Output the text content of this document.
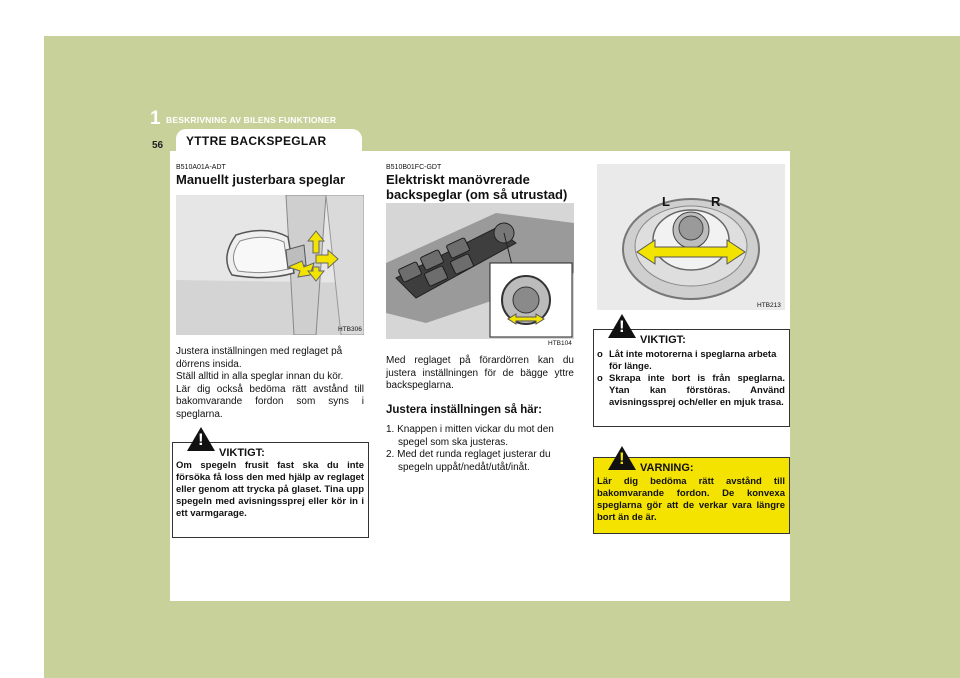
1 BESKRIVNING AV BILENS FUNKTIONER
56 YTTRE BACKSPEGLAR
B510A01A-ADT
Manuellt justerbara speglar
HTB306
Justera inställningen med reglaget på dörrens insida.
Ställ alltid in alla speglar innan du kör.
Lär dig också bedöma rätt avstånd till bakomvarande fordon som syns i speglarna.
!
VIKTIGT:
Om spegeln frusit fast ska du inte försöka få loss den med hjälp av reglaget eller genom att trycka på glaset. Tina upp spegeln med avisningssprej eller kör in i ett varmgarage.
B510B01FC-GDT
Elektriskt manövrerade backspeglar (om så utrustad)
HTB104
Med reglaget på förardörren kan du justera inställningen för de bägge yttre backspeglarna.
Justera inställningen så här:
1. Knappen i mitten vickar du mot den spegel som ska justeras.
2. Med det runda reglaget justerar du spegeln uppåt/nedåt/utåt/inåt.
L	R
HTB213
!
VIKTIGT:
o Låt inte motorerna i speglarna arbeta för länge.
o Skrapa inte bort is från speglarna. Ytan kan förstöras. Använd avisningssprej och/eller en mjuk trasa.
! VARNING:
Lär dig bedöma rätt avstånd till bakomvarande fordon. De konvexa speglarna gör att de verkar vara längre bort än de är.
